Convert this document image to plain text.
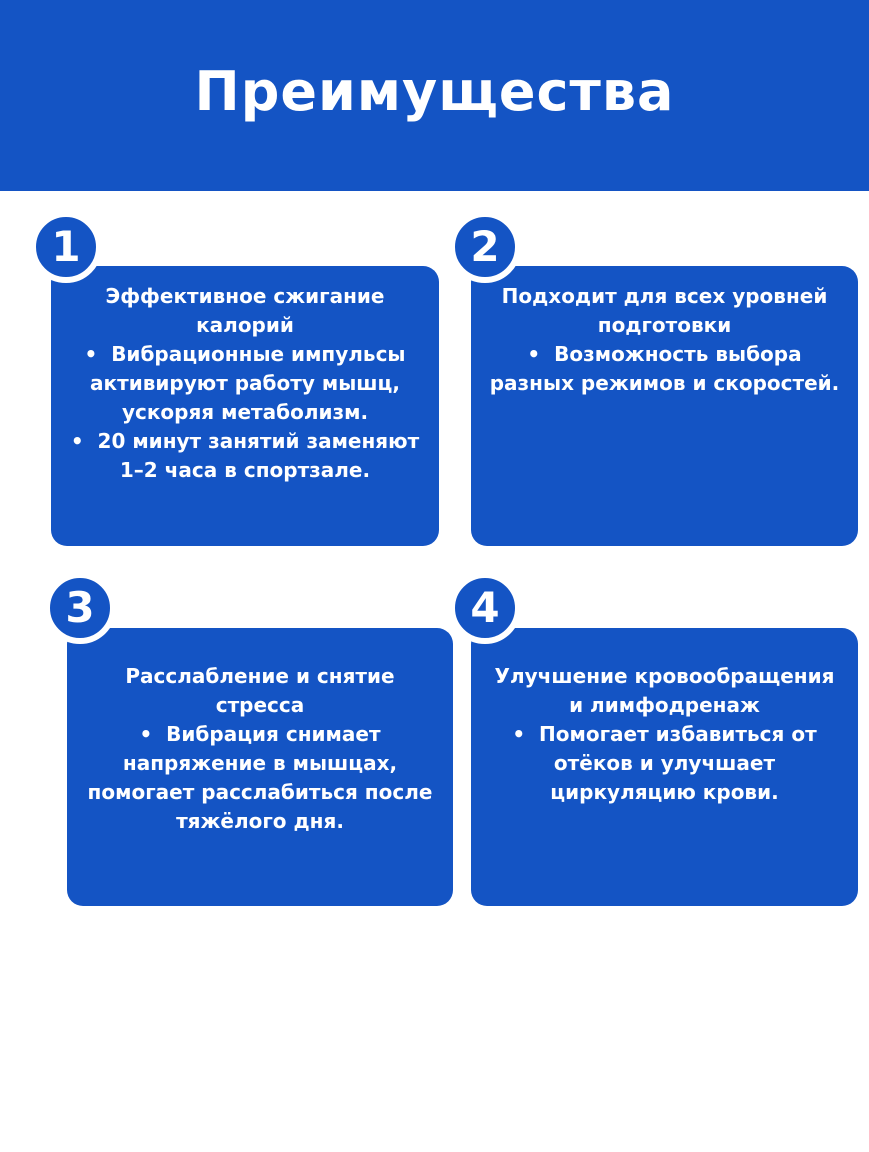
Преимущества
Эффективное сжигание калорий
•  Вибрационные импульсы активируют работу мышц, ускоряя метаболизм.
•  20 минут занятий заменяют 1–2 часа в спортзале.
1
Подходит для всех уровней подготовки
•  Возможность выбора разных режимов и скоростей.
2
Расслабление и снятие стресса
•  Вибрация снимает напряжение в мышцах, помогает расслабиться после тяжёлого дня.
3
Улучшение кровообращения и лимфодренаж
•  Помогает избавиться от отёков и улучшает циркуляцию крови.
4
